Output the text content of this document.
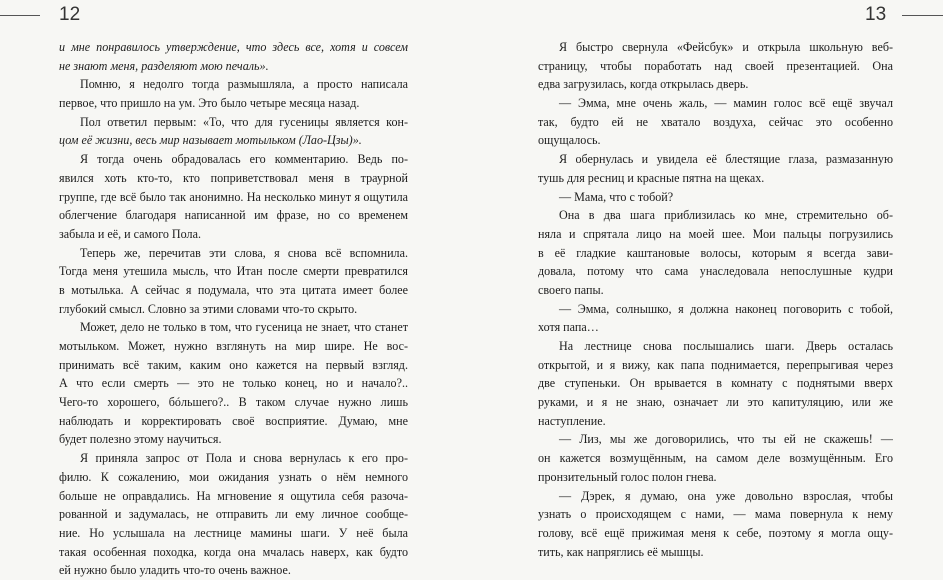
12	13
и мне понравилось утверждение, что здесь все, хотя и совсем
не знают меня, разделяют мою печаль».
Помню, я недолго тогда размышляла, а просто написала
первое, что пришло на ум. Это было четыре месяца назад.
Пол ответил первым: «То, что для гусеницы является кон-
цом её жизни, весь мир называет мотыльком (Лао-Цзы)».
Я тогда очень обрадовалась его комментарию. Ведь по-
явился хоть кто-то, кто поприветствовал меня в траурной
группе, где всё было так анонимно. На несколько минут я ощутила
облегчение благодаря написанной им фразе, но со временем
забыла и её, и самого Пола.
Теперь же, перечитав эти слова, я снова всё вспомнила.
Тогда меня утешила мысль, что Итан после смерти превратился
в мотылька. А сейчас я подумала, что эта цитата имеет более
глубокий смысл. Словно за этими словами что-то скрыто.
Может, дело не только в том, что гусеница не знает, что станет
мотыльком. Может, нужно взглянуть на мир шире. Не вос-
принимать всё таким, каким оно кажется на первый взгляд.
А что если смерть — это не только конец, но и начало?..
Чего-то хорошего, бóльшего?.. В таком случае нужно лишь
наблюдать и корректировать своё восприятие. Думаю, мне
будет полезно этому научиться.
Я приняла запрос от Пола и снова вернулась к его про-
филю. К сожалению, мои ожидания узнать о нём немного
больше не оправдались. На мгновение я ощутила себя разоча-
рованной и задумалась, не отправить ли ему личное сообще-
ние. Но услышала на лестнице мамины шаги. У неё была
такая особенная походка, когда она мчалась наверх, как будто
ей нужно было уладить что-то очень важное.
Я быстро свернула «Фейсбук» и открыла школьную веб-
страницу, чтобы поработать над своей презентацией. Она
едва загрузилась, когда открылась дверь.
— Эмма, мне очень жаль, — мамин голос всё ещё звучал
так, будто ей не хватало воздуха, сейчас это особенно
ощущалось.
Я обернулась и увидела её блестящие глаза, размазанную
тушь для ресниц и красные пятна на щеках.
— Мама, что с тобой?
Она в два шага приблизилась ко мне, стремительно об-
няла и спрятала лицо на моей шее. Мои пальцы погрузились
в её гладкие каштановые волосы, которым я всегда зави-
довала, потому что сама унаследовала непослушные кудри
своего папы.
— Эмма, солнышко, я должна наконец поговорить с тобой,
хотя папа…
На лестнице снова послышались шаги. Дверь осталась
открытой, и я вижу, как папа поднимается, перепрыгивая через
две ступеньки. Он врывается в комнату с поднятыми вверх
руками, и я не знаю, означает ли это капитуляцию, или же
наступление.
— Лиз, мы же договорились, что ты ей не скажешь! —
он кажется возмущённым, на самом деле возмущённым. Его
пронзительный голос полон гнева.
— Дэрек, я думаю, она уже довольно взрослая, чтобы
узнать о происходящем с нами, — мама повернула к нему
голову, всё ещё прижимая меня к себе, поэтому я могла ощу-
тить, как напряглись её мышцы.
